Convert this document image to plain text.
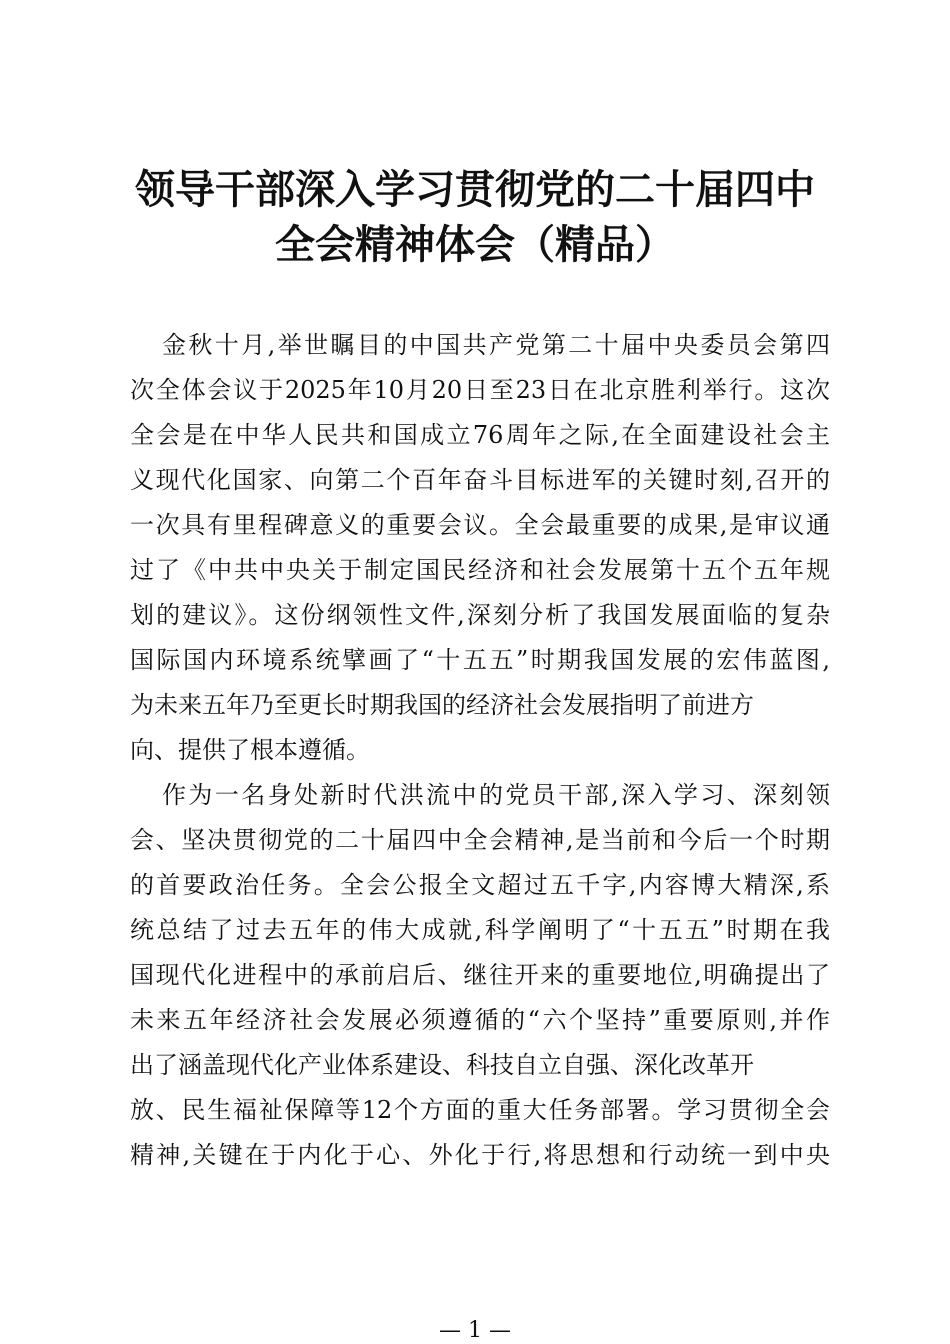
领导干部深入学习贯彻党的二十届四中
全会精神体会（精品）
金秋十月,举世瞩目的中国共产党第二十届中央委员会第四
次全体会议于2025年10月20日至23日在北京胜利举行。这次
全会是在中华人民共和国成立76周年之际,在全面建设社会主
义现代化国家、向第二个百年奋斗目标进军的关键时刻,召开的
一次具有里程碑意义的重要会议。全会最重要的成果,是审议通
过了《中共中央关于制定国民经济和社会发展第十五个五年规
划的建议》。这份纲领性文件,深刻分析了我国发展面临的复杂
国际国内环境系统擘画了“十五五”时期我国发展的宏伟蓝图,
为未来五年乃至更长时期我国的经济社会发展指明了前进方
向、提供了根本遵循。
作为一名身处新时代洪流中的党员干部,深入学习、深刻领
会、坚决贯彻党的二十届四中全会精神,是当前和今后一个时期
的首要政治任务。全会公报全文超过五千字,内容博大精深,系
统总结了过去五年的伟大成就,科学阐明了“十五五”时期在我
国现代化进程中的承前启后、继往开来的重要地位,明确提出了
未来五年经济社会发展必须遵循的“六个坚持”重要原则,并作
出了涵盖现代化产业体系建设、科技自立自强、深化改革开
放、民生福祉保障等12个方面的重大任务部署。学习贯彻全会
精神,关键在于内化于心、外化于行,将思想和行动统一到中央
— 1 —
